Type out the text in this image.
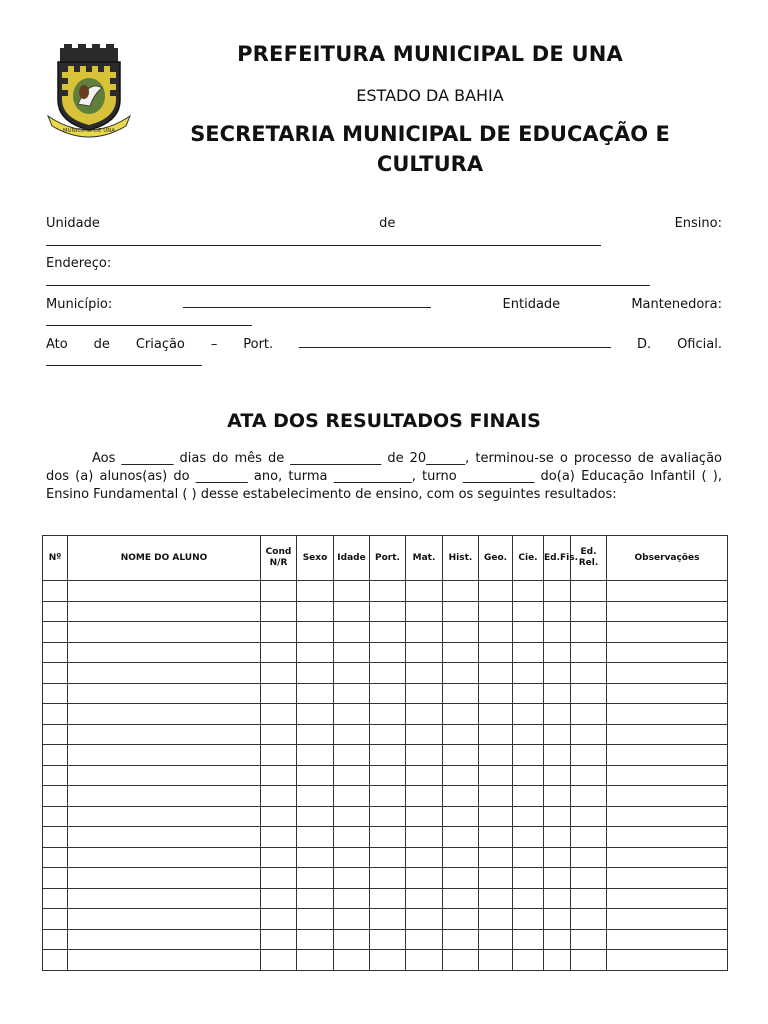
MUNICIPIO DE UNA
PREFEITURA MUNICIPAL DE UNA
ESTADO DA BAHIA
SECRETARIA MUNICIPAL DE EDUCAÇÃO E CULTURA
Unidade	de	Ensino:
Endereço:
Município:	Entidade	Mantenedora:
Ato de Criação – Port.	D. Oficial.
ATA DOS RESULTADOS FINAIS
Aos ________ dias do mês de ______________ de 20______, terminou-se o processo de avaliação dos (a) alunos(as) do ________ ano, turma ____________, turno ___________ do(a) Educação Infantil ( ), Ensino Fundamental ( ) desse estabelecimento de ensino, com os seguintes resultados:
Nº	NOME DO ALUNO	Cond N/R	Sexo	Idade	Port.	Mat.	Hist.	Geo.	Cie.	Ed.Fis.	Ed. Rel.	Observações
